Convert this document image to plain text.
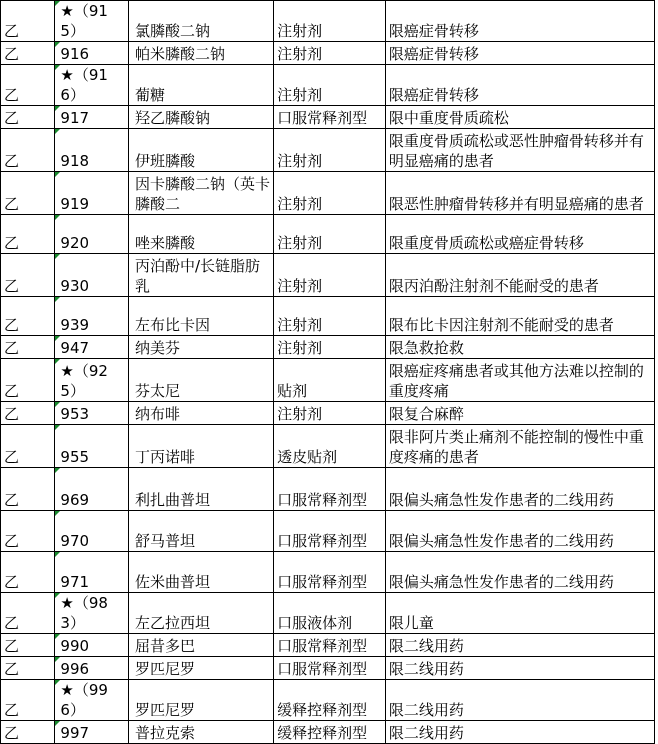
乙	★（915）	氯膦酸二钠	注射剂	限癌症骨转移
乙	916	帕米膦酸二钠	注射剂	限癌症骨转移
乙	★（916）	葡糖	注射剂	限癌症骨转移
乙	917	羟乙膦酸钠	口服常释剂型	限中重度骨质疏松
乙	918	伊班膦酸	注射剂	限重度骨质疏松或恶性肿瘤骨转移并有明显癌痛的患者
乙	919	因卡膦酸二钠（英卡膦酸二	注射剂	限恶性肿瘤骨转移并有明显癌痛的患者
乙	920	唑来膦酸	注射剂	限重度骨质疏松或癌症骨转移
乙	930	丙泊酚中/长链脂肪乳	注射剂	限丙泊酚注射剂不能耐受的患者
乙	939	左布比卡因	注射剂	限布比卡因注射剂不能耐受的患者
乙	947	纳美芬	注射剂	限急救抢救
乙	★（925）	芬太尼	贴剂	限癌症疼痛患者或其他方法难以控制的重度疼痛
乙	953	纳布啡	注射剂	限复合麻醉
乙	955	丁丙诺啡	透皮贴剂	限非阿片类止痛剂不能控制的慢性中重度疼痛的患者
乙	969	利扎曲普坦	口服常释剂型	限偏头痛急性发作患者的二线用药
乙	970	舒马普坦	口服常释剂型	限偏头痛急性发作患者的二线用药
乙	971	佐米曲普坦	口服常释剂型	限偏头痛急性发作患者的二线用药
乙	★（983）	左乙拉西坦	口服液体剂	限儿童
乙	990	屈昔多巴	口服常释剂型	限二线用药
乙	996	罗匹尼罗	口服常释剂型	限二线用药
乙	★（996）	罗匹尼罗	缓释控释剂型	限二线用药
乙	997	普拉克索	缓释控释剂型	限二线用药
